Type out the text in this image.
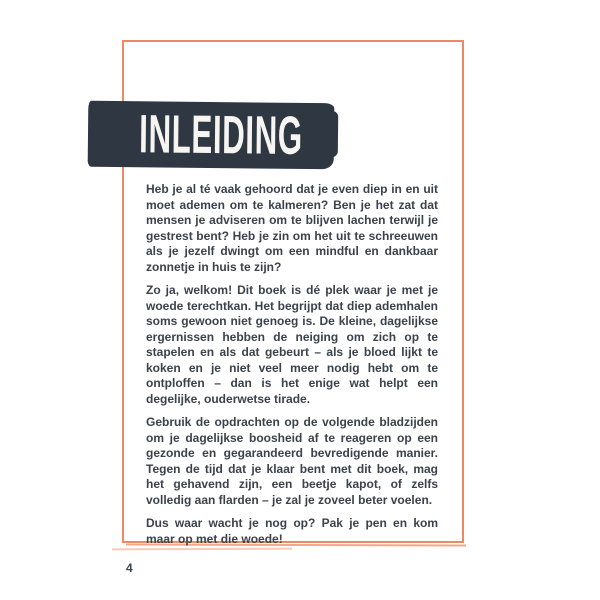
INLEIDING

Heb je al té vaak gehoord dat je even diep in en uit moet ademen om te kalmeren? Ben je het zat dat mensen je adviseren om te blijven lachen terwijl je gestrest bent? Heb je zin om het uit te schreeuwen als je jezelf dwingt om een mindful en dankbaar zonnetje in huis te zijn?

Zo ja, welkom! Dit boek is dé plek waar je met je woede terechtkan. Het begrijpt dat diep ademhalen soms gewoon niet genoeg is. De kleine, dagelijkse ergernissen hebben de neiging om zich op te stapelen en als dat gebeurt – als je bloed lijkt te koken en je niet veel meer nodig hebt om te ontploffen – dan is het enige wat helpt een degelijke, ouderwetse tirade.

Gebruik de opdrachten op de volgende bladzijden om je dagelijkse boosheid af te reageren op een gezonde en gegarandeerd bevredigende manier. Tegen de tijd dat je klaar bent met dit boek, mag het gehavend zijn, een beetje kapot, of zelfs volledig aan flarden – je zal je zoveel beter voelen.

Dus waar wacht je nog op? Pak je pen en kom maar op met die woede!

4
